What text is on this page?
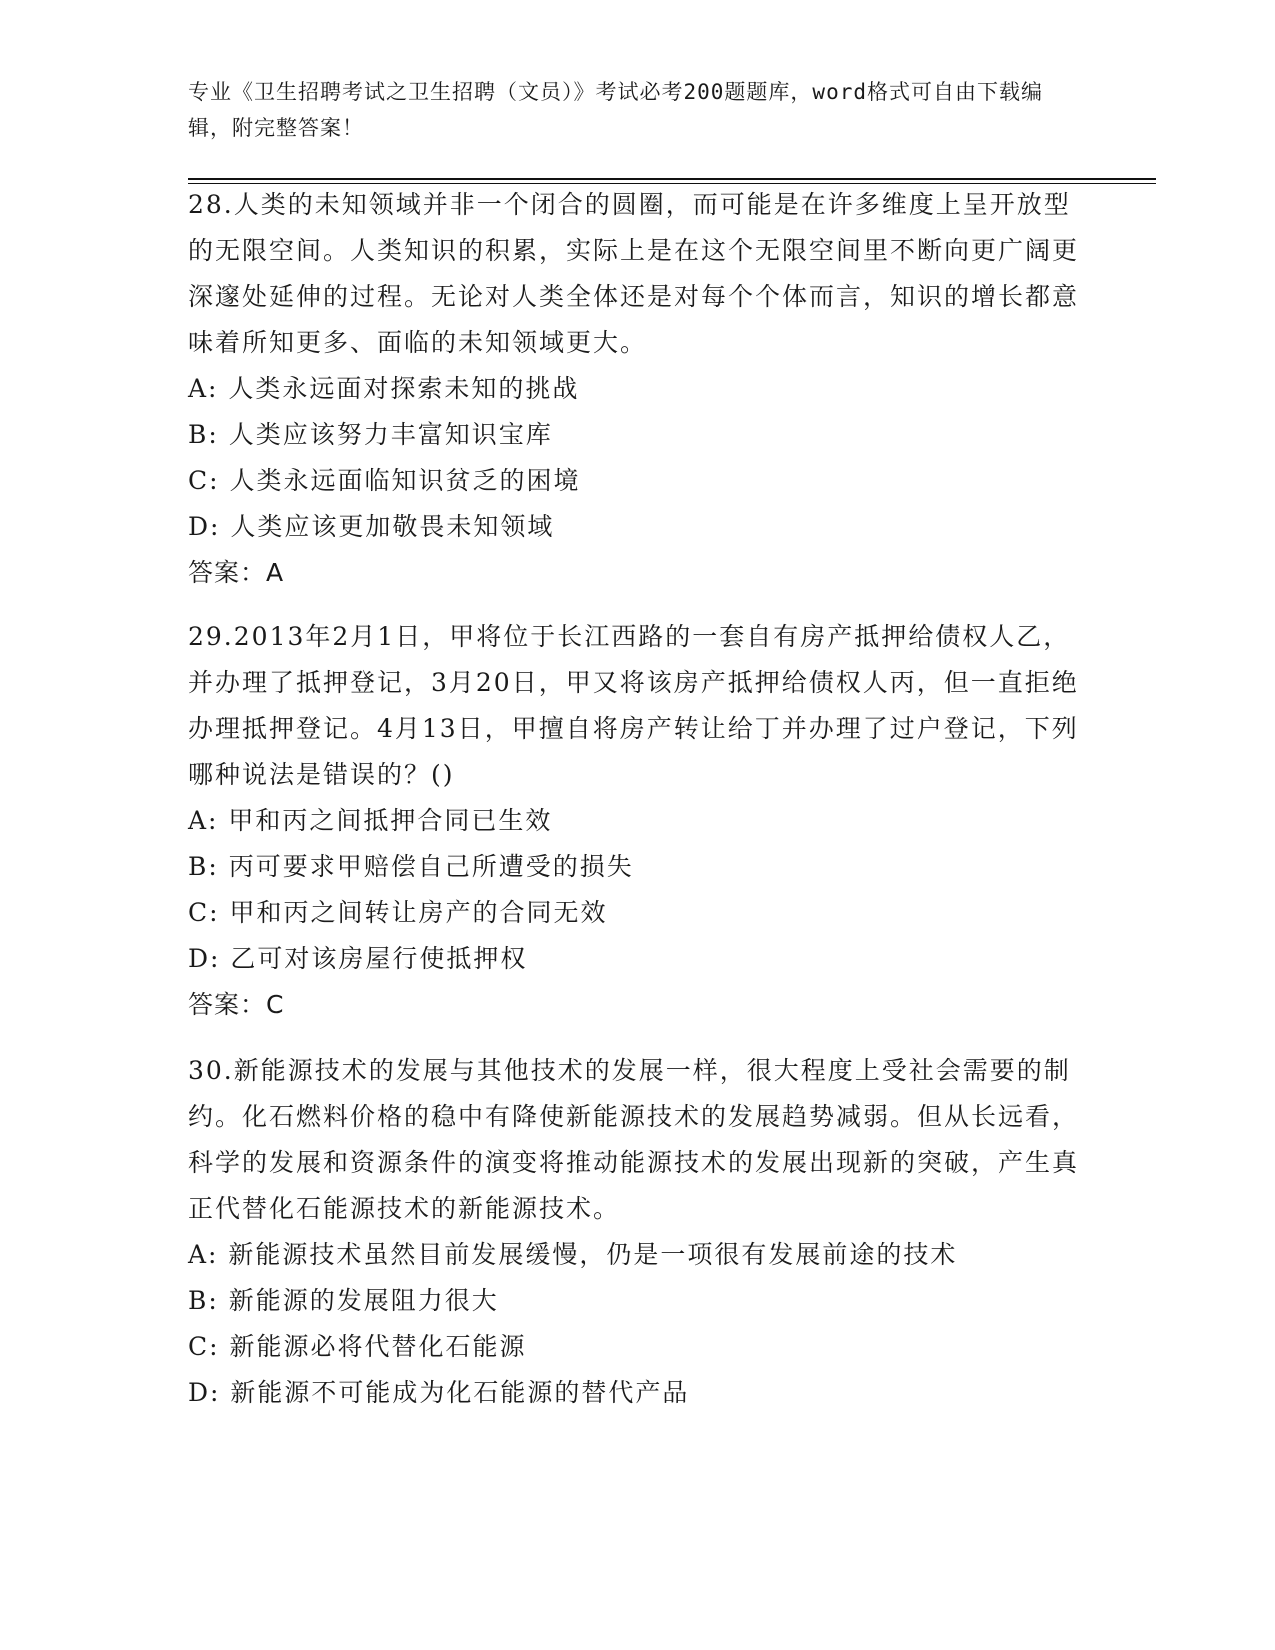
专业《卫生招聘考试之卫生招聘（文员）》考试必考200题题库，word格式可自由下载编辑，附完整答案！

28.人类的未知领域并非一个闭合的圆圈，而可能是在许多维度上呈开放型的无限空间。人类知识的积累，实际上是在这个无限空间里不断向更广阔更深邃处延伸的过程。无论对人类全体还是对每个个体而言，知识的增长都意味着所知更多、面临的未知领域更大。

A: 人类永远面对探索未知的挑战

B: 人类应该努力丰富知识宝库

C: 人类永远面临知识贫乏的困境

D: 人类应该更加敬畏未知领域

答案：A

29.2013年2月1日，甲将位于长江西路的一套自有房产抵押给债权人乙，并办理了抵押登记，3月20日，甲又将该房产抵押给债权人丙，但一直拒绝办理抵押登记。4月13日，甲擅自将房产转让给丁并办理了过户登记，下列哪种说法是错误的？()

A: 甲和丙之间抵押合同已生效

B: 丙可要求甲赔偿自己所遭受的损失

C: 甲和丙之间转让房产的合同无效

D: 乙可对该房屋行使抵押权

答案：C

30.新能源技术的发展与其他技术的发展一样，很大程度上受社会需要的制约。化石燃料价格的稳中有降使新能源技术的发展趋势减弱。但从长远看，科学的发展和资源条件的演变将推动能源技术的发展出现新的突破，产生真正代替化石能源技术的新能源技术。

A: 新能源技术虽然目前发展缓慢，仍是一项很有发展前途的技术

B: 新能源的发展阻力很大

C: 新能源必将代替化石能源

D: 新能源不可能成为化石能源的替代产品
